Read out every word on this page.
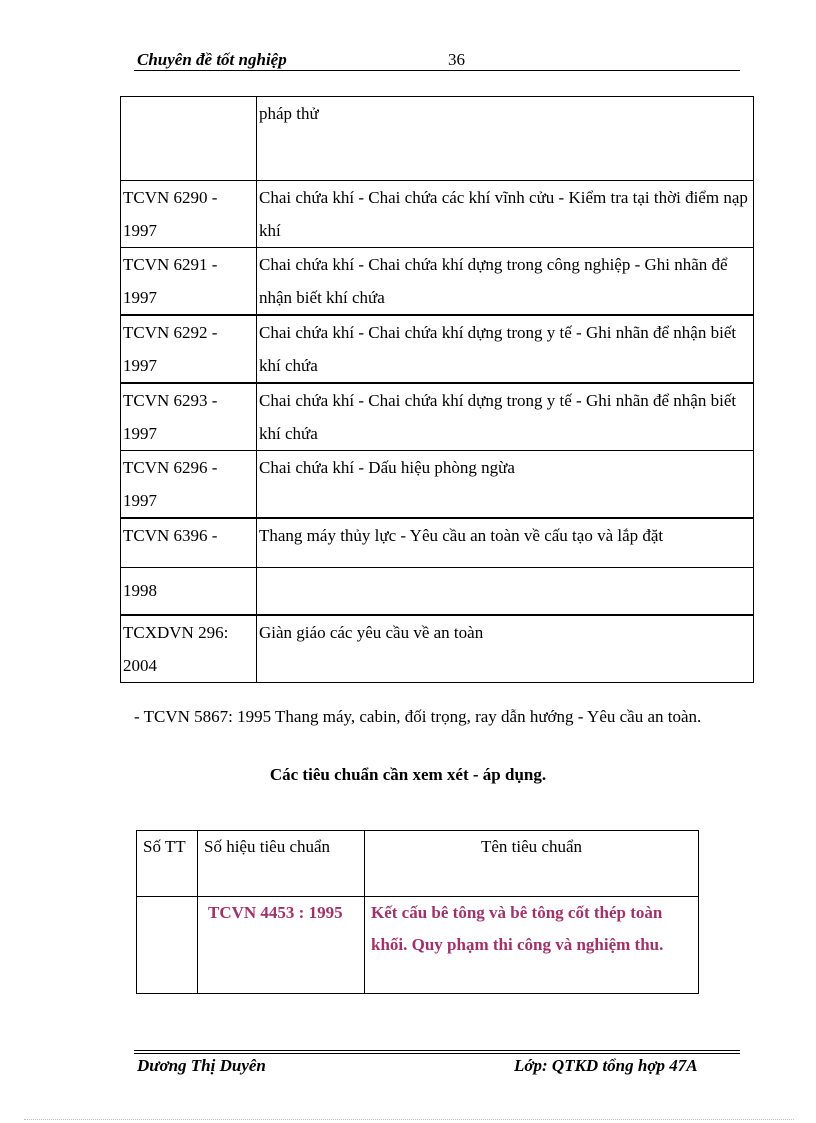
Chuyên đề tốt nghiệp	36
	pháp thử
TCVN 6290 - 1997	Chai chứa khí - Chai chứa các khí vĩnh cửu - Kiểm tra tại thời điểm nạp khí
TCVN 6291 - 1997	Chai chứa khí - Chai chứa khí dựng trong công nghiệp - Ghi nhãn để nhận biết khí chứa
TCVN 6292 - 1997	Chai chứa khí - Chai chứa khí dựng trong y tế - Ghi nhãn để nhận biết khí chứa
TCVN 6293 - 1997	Chai chứa khí - Chai chứa khí dựng trong y tế - Ghi nhãn để nhận biết khí chứa
TCVN 6296 - 1997	Chai chứa khí - Dấu hiệu phòng ngừa
TCVN 6396 -	Thang máy thủy lực - Yêu cầu an toàn về cấu tạo và lắp đặt
1998	
TCXDVN 296: 2004	Giàn giáo các yêu cầu về an toàn
- TCVN 5867: 1995 Thang máy, cabin, đối trọng, ray dẫn hướng - Yêu cầu an toàn.
Các tiêu chuẩn cần xem xét - áp dụng.
Số TT	Số hiệu tiêu chuẩn	Tên tiêu chuẩn
	TCVN 4453 : 1995	Kết cấu bê tông và bê tông cốt thép toàn khối. Quy phạm thi công và nghiệm thu.
Dương Thị Duyên	Lớp: QTKD tổng hợp 47A
